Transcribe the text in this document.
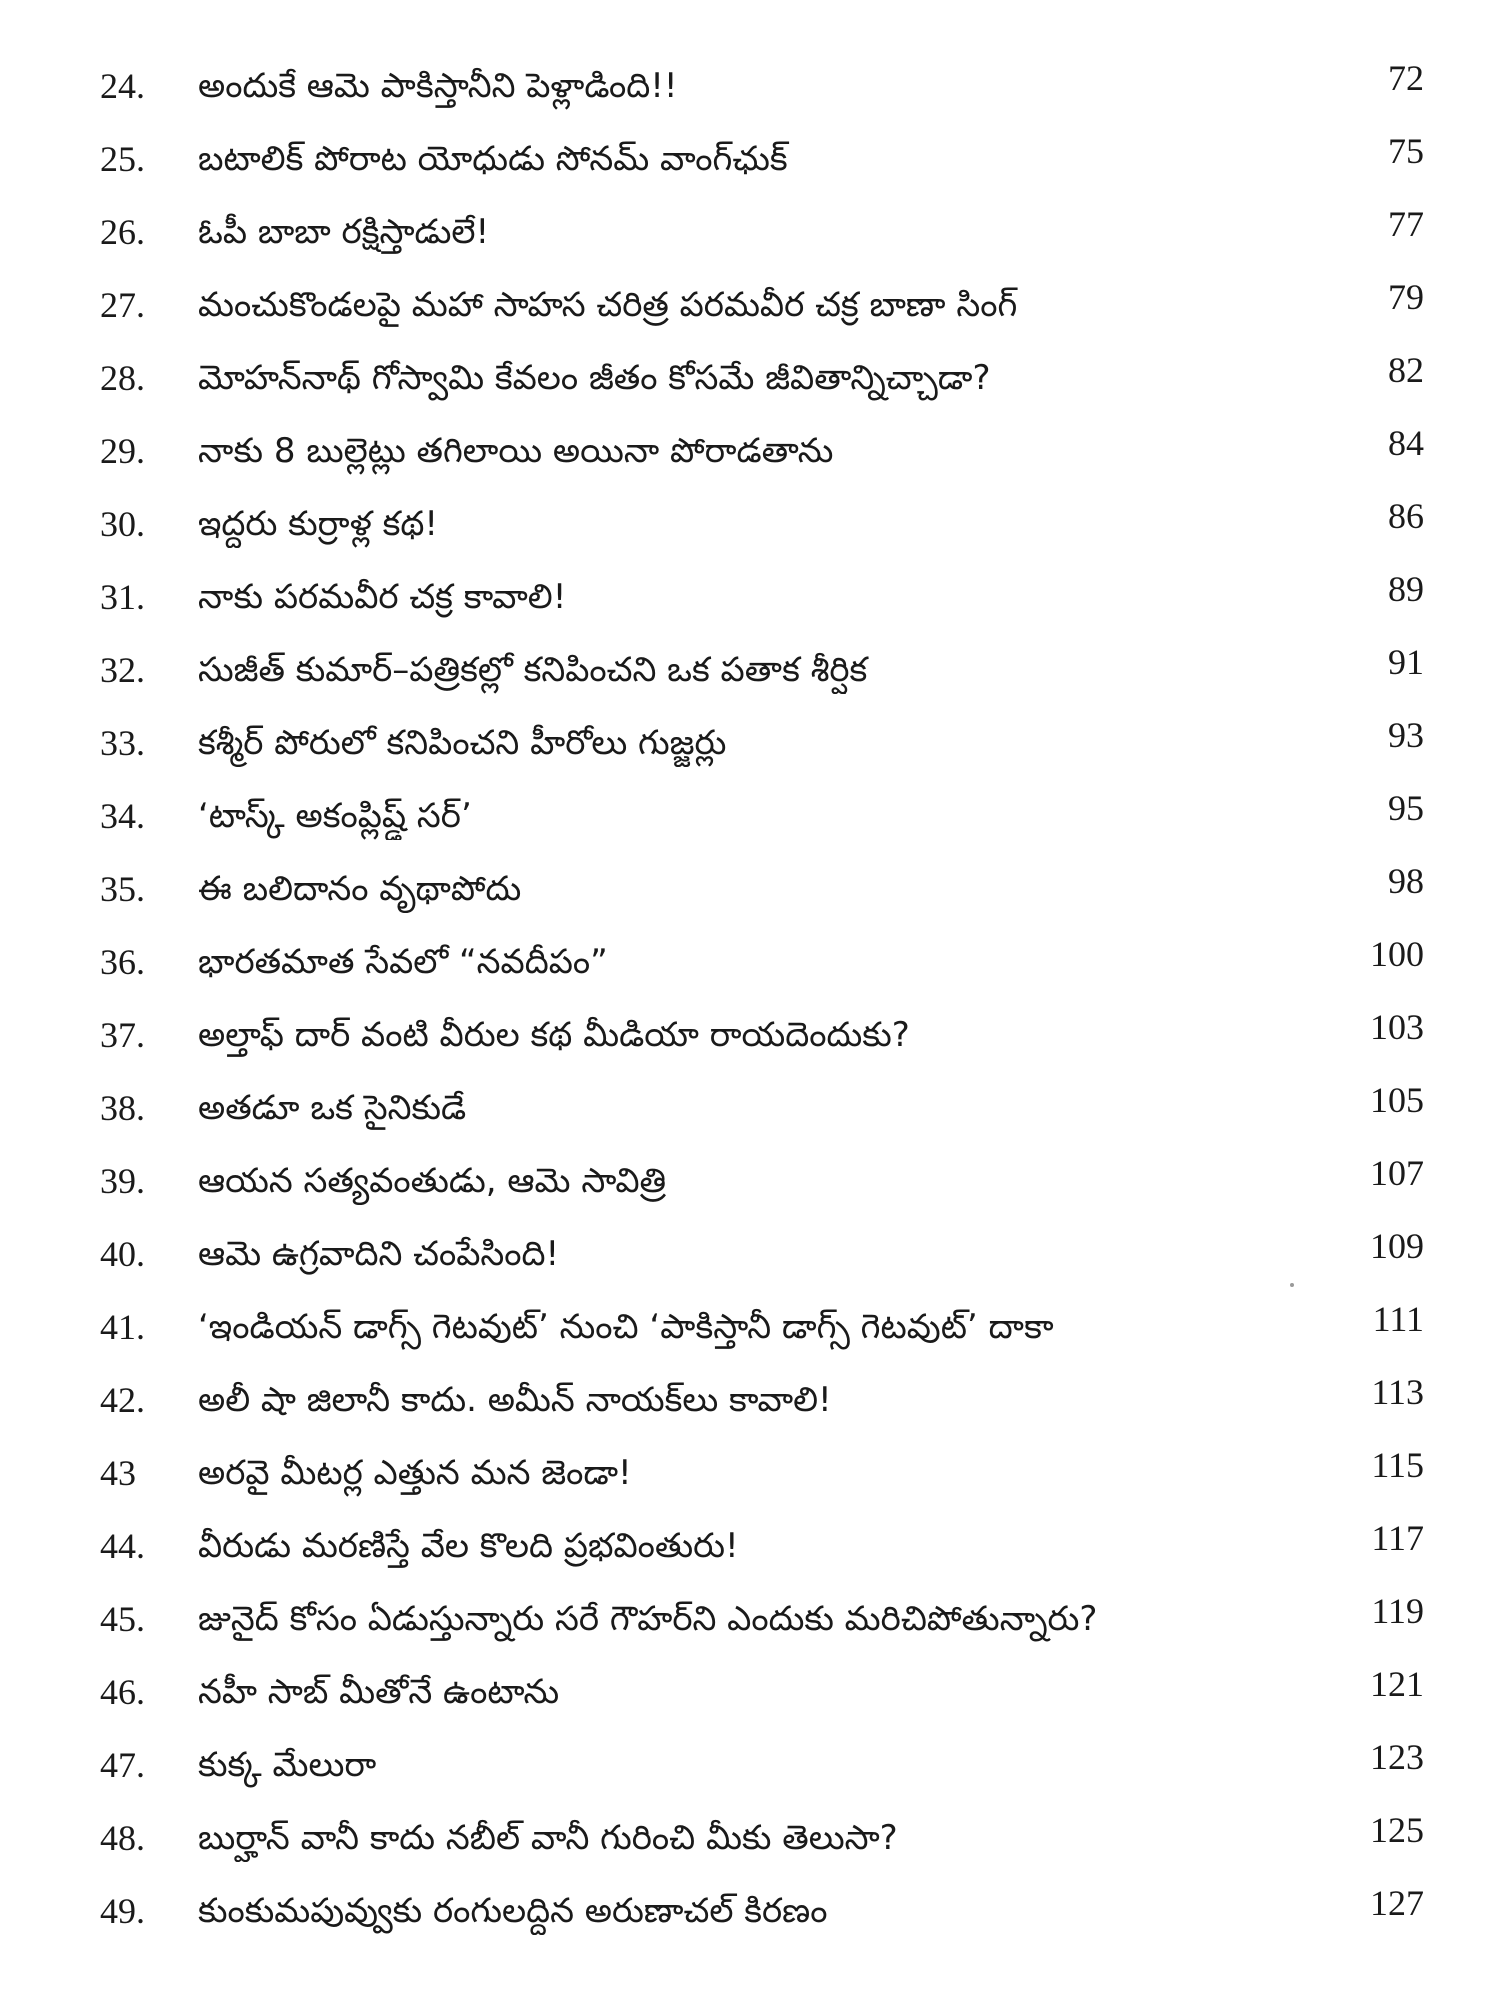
24.	అందుకే ఆమె పాకిస్తానీని పెళ్లాడింది!!	72
25.	బటాలిక్ పోరాట యోధుడు సోనమ్ వాంగ్‌ఛుక్	75
26.	ఓపీ బాబా రక్షిస్తాడులే!	77
27.	మంచుకొండలపై మహా సాహస చరిత్ర పరమవీర చక్ర బాణా సింగ్	79
28.	మోహన్‌నాథ్ గోస్వామి కేవలం జీతం కోసమే జీవితాన్నిచ్చాడా?	82
29.	నాకు 8 బుల్లెట్లు తగిలాయి అయినా పోరాడతాను	84
30.	ఇద్దరు కుర్రాళ్ల కథ!	86
31.	నాకు పరమవీర చక్ర కావాలి!	89
32.	సుజీత్ కుమార్–పత్రికల్లో కనిపించని ఒక పతాక శీర్షిక	91
33.	కశ్మీర్ పోరులో కనిపించని హీరోలు గుజ్జర్లు	93
34.	‘టాస్క్ అకంప్లిష్డ్ సర్’	95
35.	ఈ బలిదానం వృథాపోదు	98
36.	భారతమాత సేవలో “నవదీపం”	100
37.	అల్తాఫ్ దార్ వంటి వీరుల కథ మీడియా రాయదెందుకు?	103
38.	అతడూ ఒక సైనికుడే	105
39.	ఆయన సత్యవంతుడు, ఆమె సావిత్రి	107
40.	ఆమె ఉగ్రవాదిని చంపేసింది!	109
41.	‘ఇండియన్ డాగ్స్ గెటవుట్’ నుంచి ‘పాకిస్తానీ డాగ్స్ గెటవుట్’ దాకా	111
42.	అలీ షా జిలానీ కాదు. అమీన్ నాయక్‌లు కావాలి!	113
43	అరవై మీటర్ల ఎత్తున మన జెండా!	115
44.	వీరుడు మరణిస్తే వేల కొలది ప్రభవింతురు!	117
45.	జునైద్ కోసం ఏడుస్తున్నారు సరే గౌహర్‌ని ఎందుకు మరిచిపోతున్నారు?	119
46.	నహీ సాబ్ మీతోనే ఉంటాను	121
47.	కుక్క మేలురా	123
48.	బుర్హాన్ వానీ కాదు నబీల్ వానీ గురించి మీకు తెలుసా?	125
49.	కుంకుమపువ్వుకు రంగులద్దిన అరుణాచల్ కిరణం	127
